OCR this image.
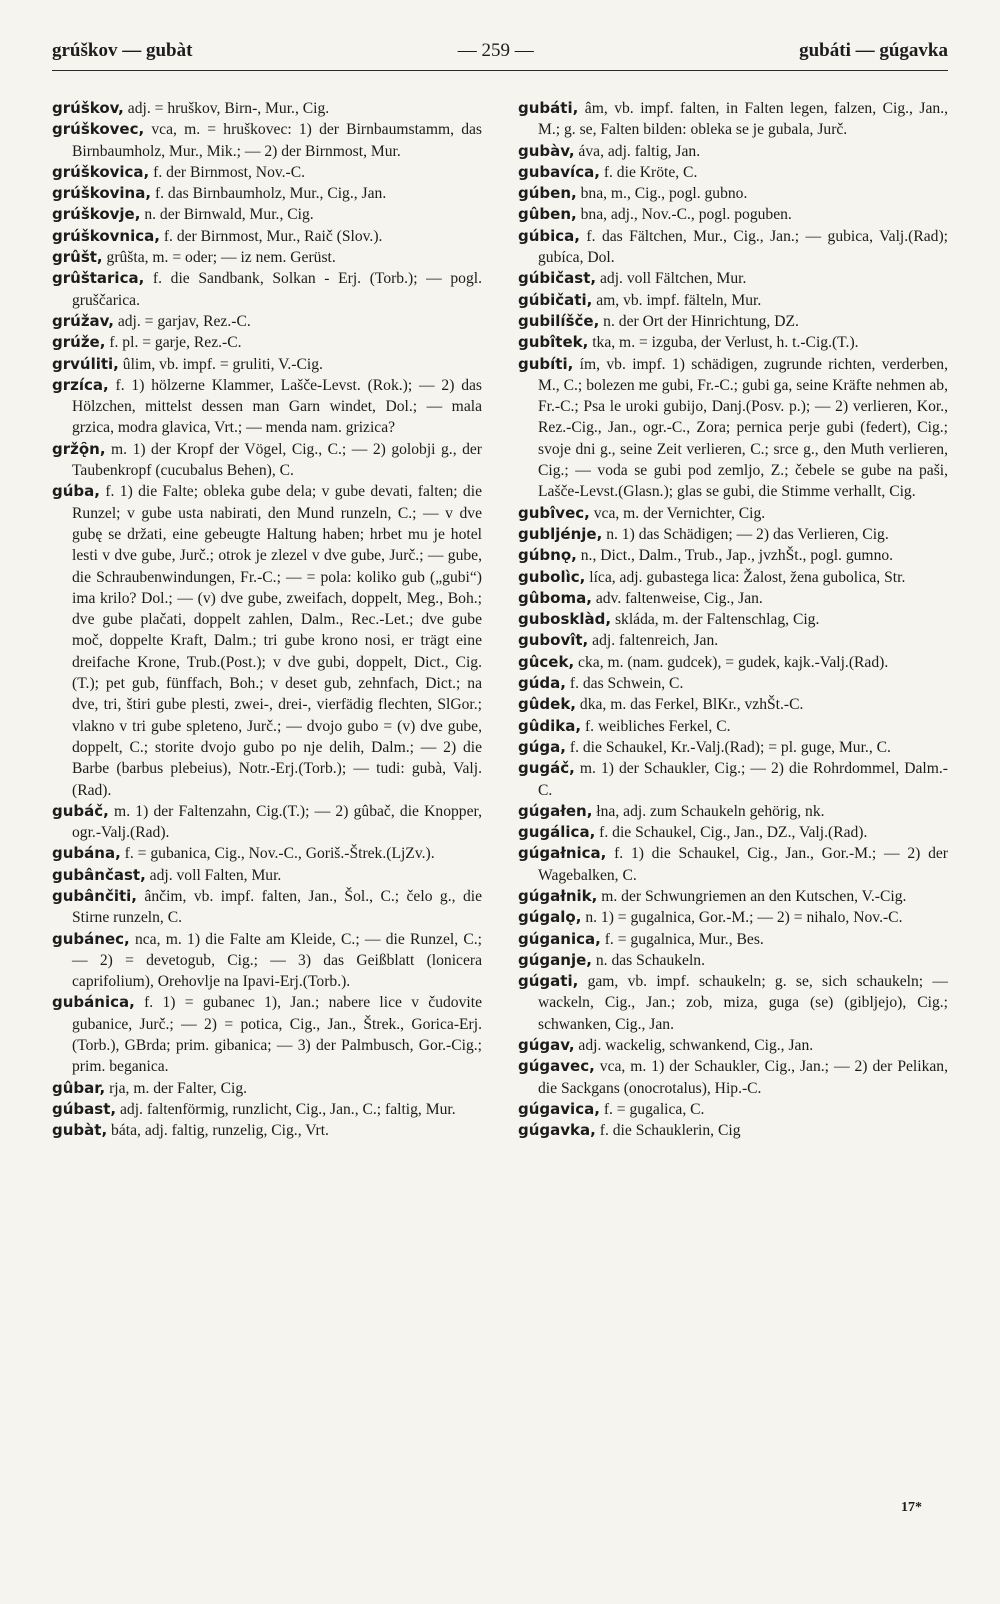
grúškov — gubàt	— 259 —	gubáti — gúgavka

grúškov, adj. = hruškov, Birn-, Mur., Cig.

grúškovec, vca, m. = hruškovec: 1) der Birnbaumstamm, das Birnbaumholz, Mur., Mik.; — 2) der Birnmost, Mur.

grúškovica, f. der Birnmost, Nov.-C.

grúškovina, f. das Birnbaumholz, Mur., Cig., Jan.

grúškovje, n. der Birnwald, Mur., Cig.

grúškovnica, f. der Birnmost, Mur., Raič (Slov.).

grûšt, grûšta, m. = oder; — iz nem. Gerüst.

grûštarica, f. die Sandbank, Solkan - Erj. (Torb.); — pogl. gruščarica.

grúžav, adj. = garjav, Rez.-C.

grúže, f. pl. = garje, Rez.-C.

grvúliti, ûlim, vb. impf. = gruliti, V.-Cig.

grzíca, f. 1) hölzerne Klammer, Lašče-Levst. (Rok.); — 2) das Hölzchen, mittelst dessen man Garn windet, Dol.; — mala grzica, modra glavica, Vrt.; — menda nam. grizica?

gržǫ̑n, m. 1) der Kropf der Vögel, Cig., C.; — 2) golobji g., der Taubenkropf (cucubalus Behen), C.

gúba, f. 1) die Falte; obleka gube dela; v gube devati, falten; die Runzel; v gube usta nabirati, den Mund runzeln, C.; — v dve gubę se držati, eine gebeugte Haltung haben; hrbet mu je hotel lesti v dve gube, Jurč.; otrok je zlezel v dve gube, Jurč.; — gube, die Schraubenwindungen, Fr.-C.; — = pola: koliko gub („gubi“) ima krilo? Dol.; — (v) dve gube, zweifach, doppelt, Meg., Boh.; dve gube plačati, doppelt zahlen, Dalm., Rec.-Let.; dve gube moč, doppelte Kraft, Dalm.; tri gube krono nosi, er trägt eine dreifache Krone, Trub.(Post.); v dve gubi, doppelt, Dict., Cig.(T.); pet gub, fünffach, Boh.; v deset gub, zehnfach, Dict.; na dve, tri, štiri gube plesti, zwei-, drei-, vierfädig flechten, SlGor.; vlakno v tri gube spleteno, Jurč.; — dvojo gubo = (v) dve gube, doppelt, C.; storite dvojo gubo po nje delih, Dalm.; — 2) die Barbe (barbus plebeius), Notr.-Erj.(Torb.); — tudi: gubà, Valj.(Rad).

gubáč, m. 1) der Faltenzahn, Cig.(T.); — 2) gûbač, die Knopper, ogr.-Valj.(Rad).

gubána, f. = gubanica, Cig., Nov.-C., Goriš.-Štrek.(LjZv.).

gubânčast, adj. voll Falten, Mur.

gubânčiti, ânčim, vb. impf. falten, Jan., Šol., C.; čelo g., die Stirne runzeln, C.

gubánec, nca, m. 1) die Falte am Kleide, C.; — die Runzel, C.; — 2) = devetogub, Cig.; — 3) das Geißblatt (lonicera caprifolium), Orehovlje na Ipavi-Erj.(Torb.).

gubánica, f. 1) = gubanec 1), Jan.; nabere lice v čudovite gubanice, Jurč.; — 2) = potica, Cig., Jan., Štrek., Gorica-Erj.(Torb.), GBrda; prim. gibanica; — 3) der Palmbusch, Gor.-Cig.; prim. beganica.

gûbar, rja, m. der Falter, Cig.

gúbast, adj. faltenförmig, runzlicht, Cig., Jan., C.; faltig, Mur.

gubàt, báta, adj. faltig, runzelig, Cig., Vrt.

gubáti, âm, vb. impf. falten, in Falten legen, falzen, Cig., Jan., M.; g. se, Falten bilden: obleka se je gubala, Jurč.

gubàv, áva, adj. faltig, Jan.

gubavíca, f. die Kröte, C.

gúben, bna, m., Cig., pogl. gubno.

gûben, bna, adj., Nov.-C., pogl. poguben.

gúbica, f. das Fältchen, Mur., Cig., Jan.; — gubica, Valj.(Rad); gubíca, Dol.

gúbičast, adj. voll Fältchen, Mur.

gúbičati, am, vb. impf. fälteln, Mur.

gubilíšče, n. der Ort der Hinrichtung, DZ.

gubîtek, tka, m. = izguba, der Verlust, h. t.-Cig.(T.).

gubíti, ím, vb. impf. 1) schädigen, zugrunde richten, verderben, M., C.; bolezen me gubi, Fr.-C.; gubi ga, seine Kräfte nehmen ab, Fr.-C.; Psa le uroki gubijo, Danj.(Posv. p.); — 2) verlieren, Kor., Rez.-Cig., Jan., ogr.-C., Zora; pernica perje gubi (federt), Cig.; svoje dni g., seine Zeit verlieren, C.; srce g., den Muth verlieren, Cig.; — voda se gubi pod zemljo, Z.; čebele se gube na paši, Lašče-Levst.(Glasn.); glas se gubi, die Stimme verhallt, Cig.

gubîvec, vca, m. der Vernichter, Cig.

gubljénje, n. 1) das Schädigen; — 2) das Verlieren, Cig.

gúbnǫ, n., Dict., Dalm., Trub., Jap., jvzhŠt., pogl. gumno.

gubolìc, líca, adj. gubastega lica: Žalost, žena gubolica, Str.

gûboma, adv. faltenweise, Cig., Jan.

gubosklàd, skláda, m. der Faltenschlag, Cig.

gubovît, adj. faltenreich, Jan.

gûcek, cka, m. (nam. gudcek), = gudek, kajk.-Valj.(Rad).

gúda, f. das Schwein, C.

gûdek, dka, m. das Ferkel, BlKr., vzhŠt.-C.

gûdika, f. weibliches Ferkel, C.

gúga, f. die Schaukel, Kr.-Valj.(Rad); = pl. guge, Mur., C.

gugáč, m. 1) der Schaukler, Cig.; — 2) die Rohrdommel, Dalm.-C.

gúgałen, łna, adj. zum Schaukeln gehörig, nk.

gugálica, f. die Schaukel, Cig., Jan., DZ., Valj.(Rad).

gúgałnica, f. 1) die Schaukel, Cig., Jan., Gor.-M.; — 2) der Wagebalken, C.

gúgałnik, m. der Schwungriemen an den Kutschen, V.-Cig.

gúgalǫ, n. 1) = gugalnica, Gor.-M.; — 2) = nihalo, Nov.-C.

gúganica, f. = gugalnica, Mur., Bes.

gúganje, n. das Schaukeln.

gúgati, gam, vb. impf. schaukeln; g. se, sich schaukeln; — wackeln, Cig., Jan.; zob, miza, guga (se) (gibljejo), Cig.; schwanken, Cig., Jan.

gúgav, adj. wackelig, schwankend, Cig., Jan.

gúgavec, vca, m. 1) der Schaukler, Cig., Jan.; — 2) der Pelikan, die Sackgans (onocrotalus), Hip.-C.

gúgavica, f. = gugalica, C.

gúgavka, f. die Schauklerin, Cig

17*
